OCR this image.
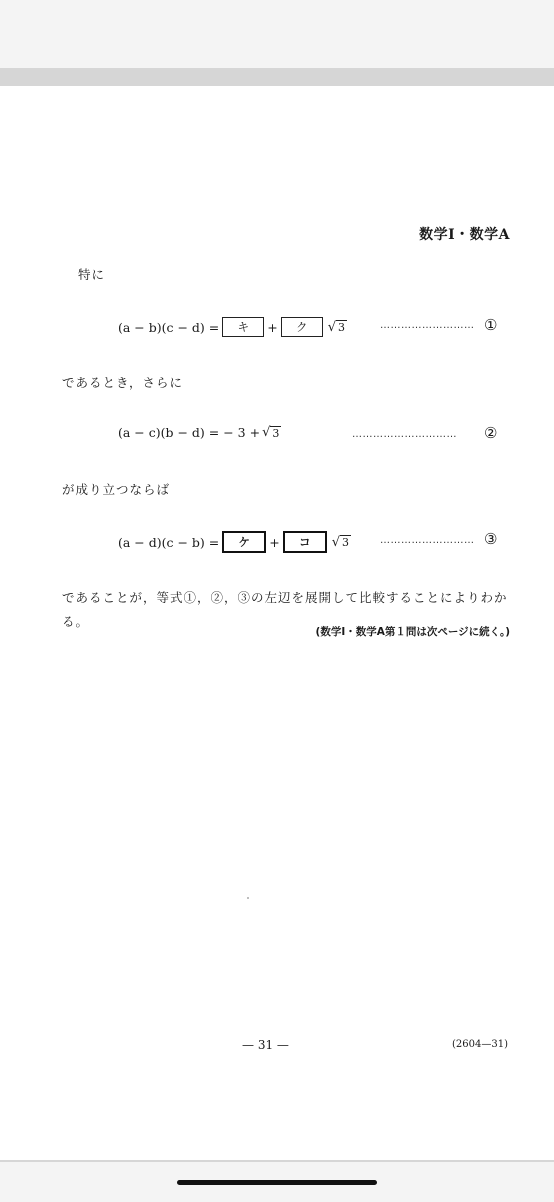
数学Ⅰ・数学A
特に
(a − b)(c − d) =	キ	+	ク	√ 3	……………………… ①
であるとき，さらに
(a − c)(b − d) = − 3 + √ 3	………………………… ②
が成り立つならば
(a − d)(c − b) =	ケ	+	コ	√ 3	……………………… ③
であることが，等式①，②，③の左辺を展開して比較することによりわか
る。
(数学Ⅰ・数学A第１問は次ページに続く。)
— 31 —	(2604—31)
